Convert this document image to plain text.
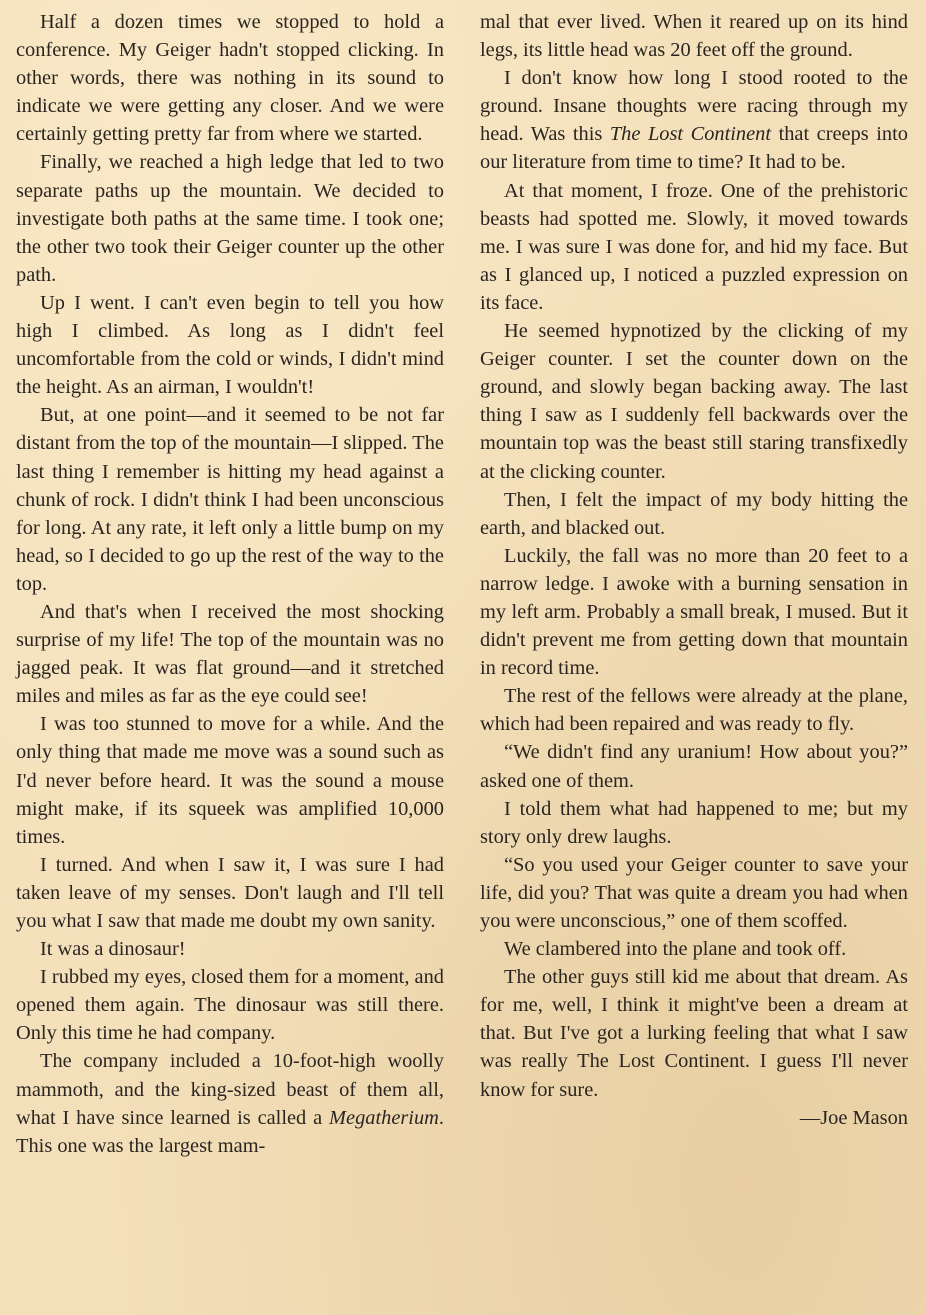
Half a dozen times we stopped to hold a conference. My Geiger hadn't stopped clicking. In other words, there was nothing in its sound to indicate we were getting any closer. And we were certainly getting pretty far from where we started.

Finally, we reached a high ledge that led to two separate paths up the mountain. We decided to investigate both paths at the same time. I took one; the other two took their Geiger counter up the other path.

Up I went. I can't even begin to tell you how high I climbed. As long as I didn't feel uncomfortable from the cold or winds, I didn't mind the height. As an airman, I wouldn't!

But, at one point—and it seemed to be not far distant from the top of the mountain—I slipped. The last thing I remember is hitting my head against a chunk of rock. I didn't think I had been unconscious for long. At any rate, it left only a little bump on my head, so I decided to go up the rest of the way to the top.

And that's when I received the most shocking surprise of my life! The top of the mountain was no jagged peak. It was flat ground—and it stretched miles and miles as far as the eye could see!

I was too stunned to move for a while. And the only thing that made me move was a sound such as I'd never before heard. It was the sound a mouse might make, if its squeek was amplified 10,000 times.

I turned. And when I saw it, I was sure I had taken leave of my senses. Don't laugh and I'll tell you what I saw that made me doubt my own sanity.

It was a dinosaur!

I rubbed my eyes, closed them for a moment, and opened them again. The dinosaur was still there. Only this time he had company.

The company included a 10-foot-high woolly mammoth, and the king-sized beast of them all, what I have since learned is called a Megatherium. This one was the largest mam-

mal that ever lived. When it reared up on its hind legs, its little head was 20 feet off the ground.

I don't know how long I stood rooted to the ground. Insane thoughts were racing through my head. Was this The Lost Continent that creeps into our literature from time to time? It had to be.

At that moment, I froze. One of the prehistoric beasts had spotted me. Slowly, it moved towards me. I was sure I was done for, and hid my face. But as I glanced up, I noticed a puzzled expression on its face.

He seemed hypnotized by the clicking of my Geiger counter. I set the counter down on the ground, and slowly began backing away. The last thing I saw as I suddenly fell backwards over the mountain top was the beast still staring transfixedly at the clicking counter.

Then, I felt the impact of my body hitting the earth, and blacked out.

Luckily, the fall was no more than 20 feet to a narrow ledge. I awoke with a burning sensation in my left arm. Probably a small break, I mused. But it didn't prevent me from getting down that mountain in record time.

The rest of the fellows were already at the plane, which had been repaired and was ready to fly.

“We didn't find any uranium! How about you?” asked one of them.

I told them what had happened to me; but my story only drew laughs.

“So you used your Geiger counter to save your life, did you? That was quite a dream you had when you were unconscious,” one of them scoffed.

We clambered into the plane and took off.

The other guys still kid me about that dream. As for me, well, I think it might've been a dream at that. But I've got a lurking feeling that what I saw was really The Lost Continent. I guess I'll never know for sure.

—Joe Mason
